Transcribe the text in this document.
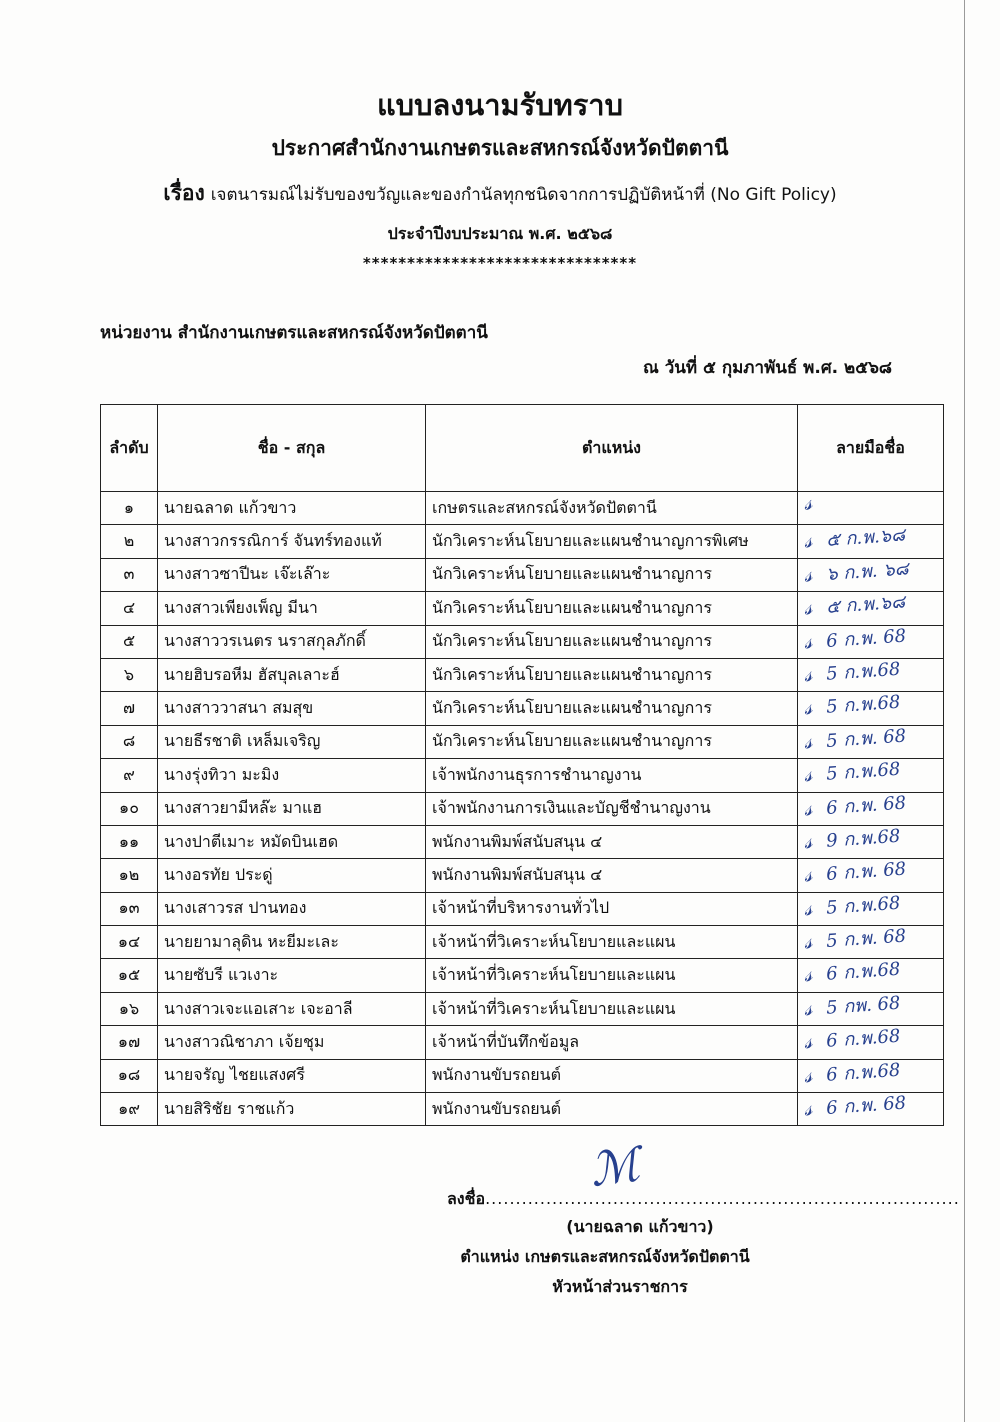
แบบลงนามรับทราบ
ประกาศสำนักงานเกษตรและสหกรณ์จังหวัดปัตตานี
เรื่อง เจตนารมณ์ไม่รับของขวัญและของกำนัลทุกชนิดจากการปฏิบัติหน้าที่ (No Gift Policy)
ประจำปีงบประมาณ พ.ศ. ๒๕๖๘
*******************************
หน่วยงาน สำนักงานเกษตรและสหกรณ์จังหวัดปัตตานี
ณ วันที่ ๕ กุมภาพันธ์ พ.ศ. ๒๕๖๘
ลำดับ	ชื่อ - สกุล	ตำแหน่ง	ลายมือชื่อ
๑	นายฉลาด แก้วขาว	เกษตรและสหกรณ์จังหวัดปัตตานี	𝓈

๒	นางสาวกรรณิการ์ จันทร์ทองแท้	นักวิเคราะห์นโยบายและแผนชำนาญการพิเศษ	𝓈 ๕ ก.พ.๖๘

๓	นางสาวซาปีนะ เจ๊ะเล๊าะ	นักวิเคราะห์นโยบายและแผนชำนาญการ	𝓈 ๖ ก.พ. ๖๘

๔	นางสาวเพียงเพ็ญ มีนา	นักวิเคราะห์นโยบายและแผนชำนาญการ	𝓈 ๕ ก.พ.๖๘

๕	นางสาววรเนตร นราสกุลภักดิ์	นักวิเคราะห์นโยบายและแผนชำนาญการ	𝓈 6 ก.พ. 68

๖	นายฮิบรอหีม ฮัสบุลเลาะฮ์	นักวิเคราะห์นโยบายและแผนชำนาญการ	𝓈 5 ก.พ.68

๗	นางสาววาสนา สมสุข	นักวิเคราะห์นโยบายและแผนชำนาญการ	𝓈 5 ก.พ.68

๘	นายธีรชาติ เหล็มเจริญ	นักวิเคราะห์นโยบายและแผนชำนาญการ	𝓈 5 ก.พ. 68

๙	นางรุ่งทิวา มะมิง	เจ้าพนักงานธุรการชำนาญงาน	𝓈 5 ก.พ.68

๑๐	นางสาวยามีหล๊ะ มาแฮ	เจ้าพนักงานการเงินและบัญชีชำนาญงาน	𝓈 6 ก.พ. 68

๑๑	นางปาตีเมาะ หมัดบินเฮด	พนักงานพิมพ์สนับสนุน ๔	𝓈 9 ก.พ.68

๑๒	นางอรทัย ประดู่	พนักงานพิมพ์สนับสนุน ๔	𝓈 6 ก.พ. 68

๑๓	นางเสาวรส ปานทอง	เจ้าหน้าที่บริหารงานทั่วไป	𝓈 5 ก.พ.68

๑๔	นายยามาลุดิน หะยีมะเละ	เจ้าหน้าที่วิเคราะห์นโยบายและแผน	𝓈 5 ก.พ. 68

๑๕	นายซับรี แวเงาะ	เจ้าหน้าที่วิเคราะห์นโยบายและแผน	𝓈 6 ก.พ.68

๑๖	นางสาวเจะแอเสาะ เจะอาลี	เจ้าหน้าที่วิเคราะห์นโยบายและแผน	𝓈 5 กพ. 68

๑๗	นางสาวณิชาภา เจ้ยชุม	เจ้าหน้าที่บันทึกข้อมูล	𝓈 6 ก.พ.68

๑๘	นายจรัญ ไชยแสงศรี	พนักงานขับรถยนต์	𝓈 6 ก.พ.68

๑๙	นายสิริชัย ราชแก้ว	พนักงานขับรถยนต์	𝓈 6 ก.พ. 68
ℳ
ลงชื่อ..............................................................................
(นายฉลาด แก้วขาว)
ตำแหน่ง เกษตรและสหกรณ์จังหวัดปัตตานี
หัวหน้าส่วนราชการ
